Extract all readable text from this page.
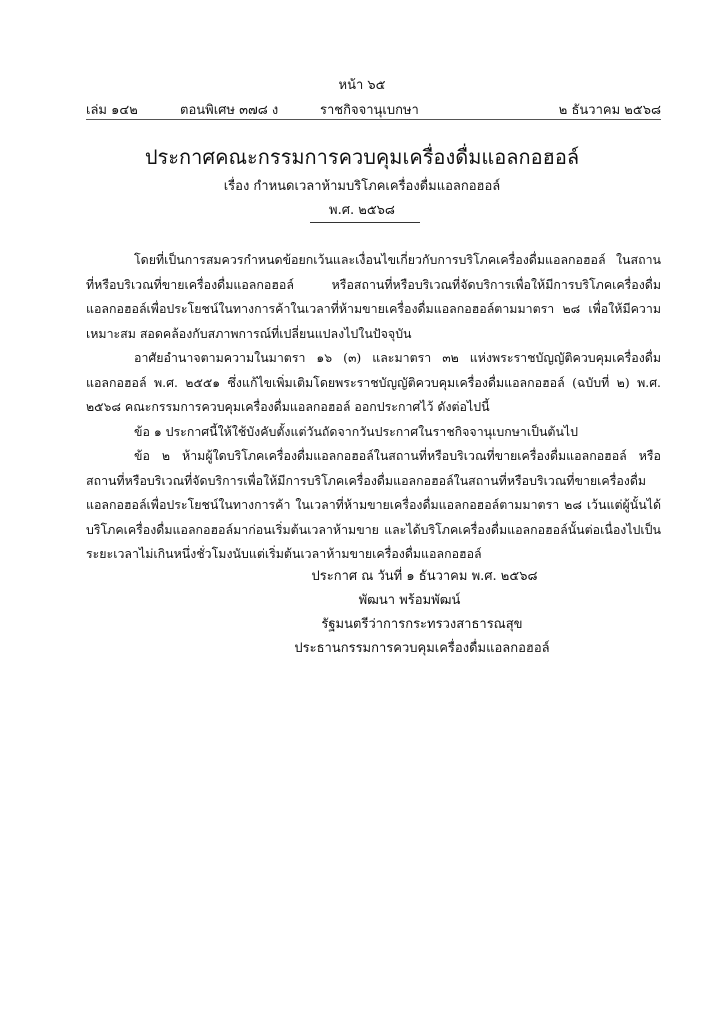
หน้า ๖๕
เล่ม ๑๔๒	ตอนพิเศษ ๓๗๘ ง	ราชกิจจานุเบกษา	๒ ธันวาคม ๒๕๖๘
ประกาศคณะกรรมการควบคุมเครื่องดื่มแอลกอฮอล์
เรื่อง กำหนดเวลาห้ามบริโภคเครื่องดื่มแอลกอฮอล์
พ.ศ. ๒๕๖๘

โดยที่เป็นการสมควรกำหนดข้อยกเว้นและเงื่อนไขเกี่ยวกับการบริโภคเครื่องดื่มแอลกอฮอล์ ในสถานที่หรือบริเวณที่ขายเครื่องดื่มแอลกอฮอล์ หรือสถานที่หรือบริเวณที่จัดบริการเพื่อให้มีการบริโภคเครื่องดื่มแอลกอฮอล์เพื่อประโยชน์ในทางการค้าในเวลาที่ห้ามขายเครื่องดื่มแอลกอฮอล์ตามมาตรา ๒๘ เพื่อให้มีความเหมาะสม สอดคล้องกับสภาพการณ์ที่เปลี่ยนแปลงไปในปัจจุบัน

อาศัยอำนาจตามความในมาตรา ๑๖ (๓) และมาตรา ๓๒ แห่งพระราชบัญญัติควบคุมเครื่องดื่มแอลกอฮอล์ พ.ศ. ๒๕๕๑ ซึ่งแก้ไขเพิ่มเติมโดยพระราชบัญญัติควบคุมเครื่องดื่มแอลกอฮอล์ (ฉบับที่ ๒) พ.ศ. ๒๕๖๘ คณะกรรมการควบคุมเครื่องดื่มแอลกอฮอล์ ออกประกาศไว้ ดังต่อไปนี้

ข้อ ๑ ประกาศนี้ให้ใช้บังคับตั้งแต่วันถัดจากวันประกาศในราชกิจจานุเบกษาเป็นต้นไป

ข้อ ๒ ห้ามผู้ใดบริโภคเครื่องดื่มแอลกอฮอล์ในสถานที่หรือบริเวณที่ขายเครื่องดื่มแอลกอฮอล์ หรือสถานที่หรือบริเวณที่จัดบริการเพื่อให้มีการบริโภคเครื่องดื่มแอลกอฮอล์ในสถานที่หรือบริเวณที่ขายเครื่องดื่มแอลกอฮอล์เพื่อประโยชน์ในทางการค้า ในเวลาที่ห้ามขายเครื่องดื่มแอลกอฮอล์ตามมาตรา ๒๘ เว้นแต่ผู้นั้นได้บริโภคเครื่องดื่มแอลกอฮอล์มาก่อนเริ่มต้นเวลาห้ามขาย และได้บริโภคเครื่องดื่มแอลกอฮอล์นั้นต่อเนื่องไปเป็นระยะเวลาไม่เกินหนึ่งชั่วโมงนับแต่เริ่มต้นเวลาห้ามขายเครื่องดื่มแอลกอฮอล์

ประกาศ ณ วันที่ ๑ ธันวาคม พ.ศ. ๒๕๖๘
พัฒนา พร้อมพัฒน์
รัฐมนตรีว่าการกระทรวงสาธารณสุข
ประธานกรรมการควบคุมเครื่องดื่มแอลกอฮอล์
